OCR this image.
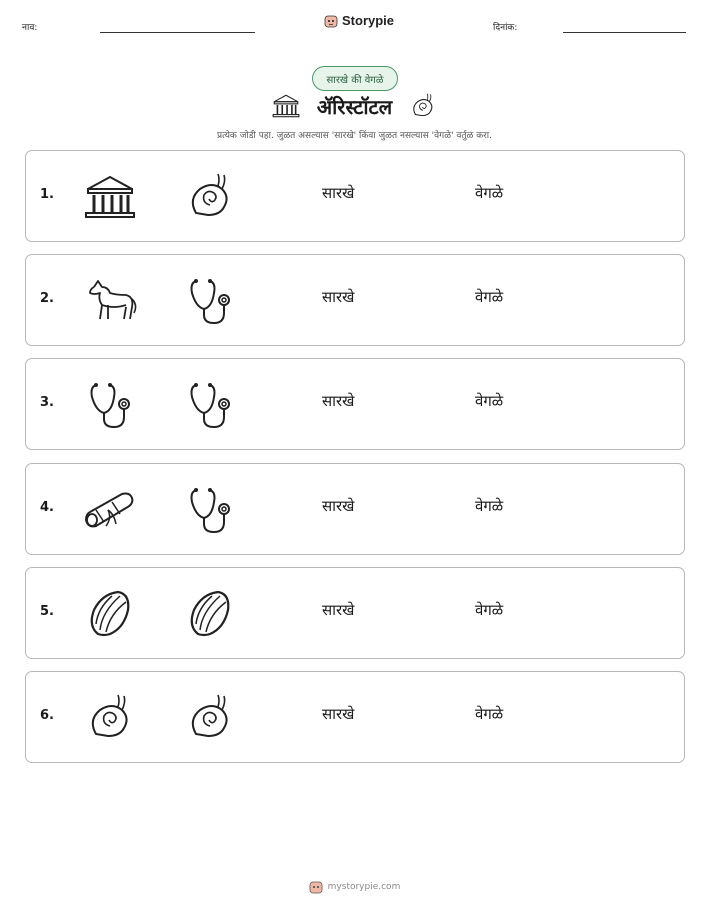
नाव:	Storypie	दिनांक:
सारखे की वेगळे
ॲरिस्टॉटल
प्रत्येक जोडी पहा. जुळत असल्यास 'सारखे' किंवा जुळत नसल्यास 'वेगळे' वर्तुळ करा.
1.	सारखे	वेगळे
2.	सारखे	वेगळे
3.	सारखे	वेगळे
4.	सारखे	वेगळे
5.	सारखे	वेगळे
6.	सारखे	वेगळे
mystorypie.com
